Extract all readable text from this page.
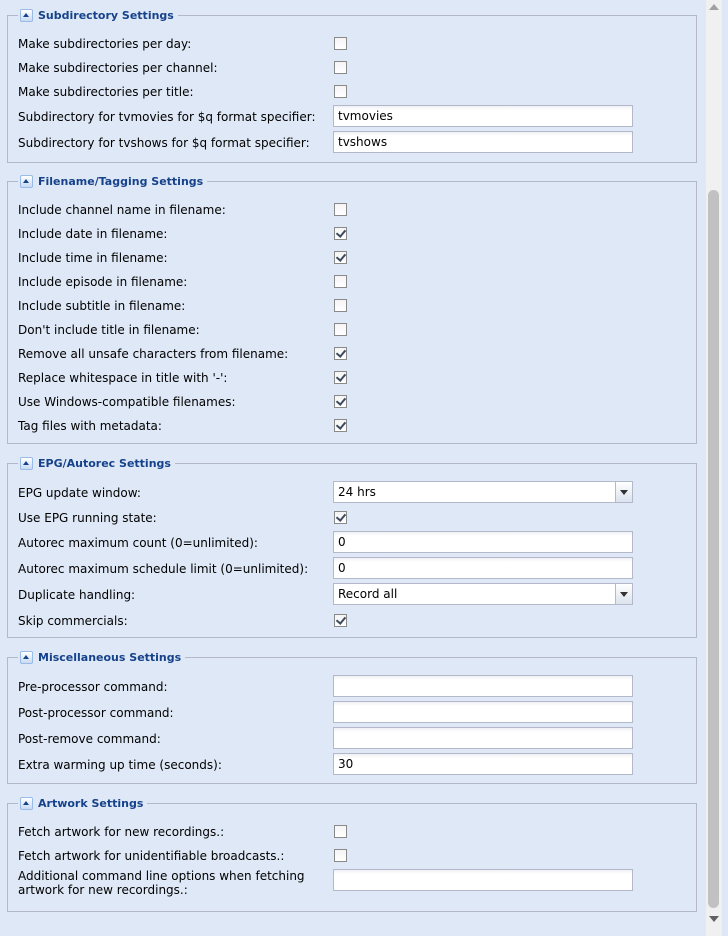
Subdirectory Settings
Make subdirectories per day:
Make subdirectories per channel:
Make subdirectories per title:
Subdirectory for tvmovies for $q format specifier:	tvmovies
Subdirectory for tvshows for $q format specifier:	tvshows
Filename/Tagging Settings
Include channel name in filename:
Include date in filename:
Include time in filename:
Include episode in filename:
Include subtitle in filename:
Don't include title in filename:
Remove all unsafe characters from filename:
Replace whitespace in title with '-':
Use Windows-compatible filenames:
Tag files with metadata:
EPG/Autorec Settings
EPG update window:	24 hrs
Use EPG running state:
Autorec maximum count (0=unlimited):	0
Autorec maximum schedule limit (0=unlimited):	0
Duplicate handling:	Record all
Skip commercials:
Miscellaneous Settings
Pre-processor command:
Post-processor command:
Post-remove command:
Extra warming up time (seconds):	30
Artwork Settings
Fetch artwork for new recordings.:
Fetch artwork for unidentifiable broadcasts.:
Additional command line options when fetching artwork for new recordings.:
